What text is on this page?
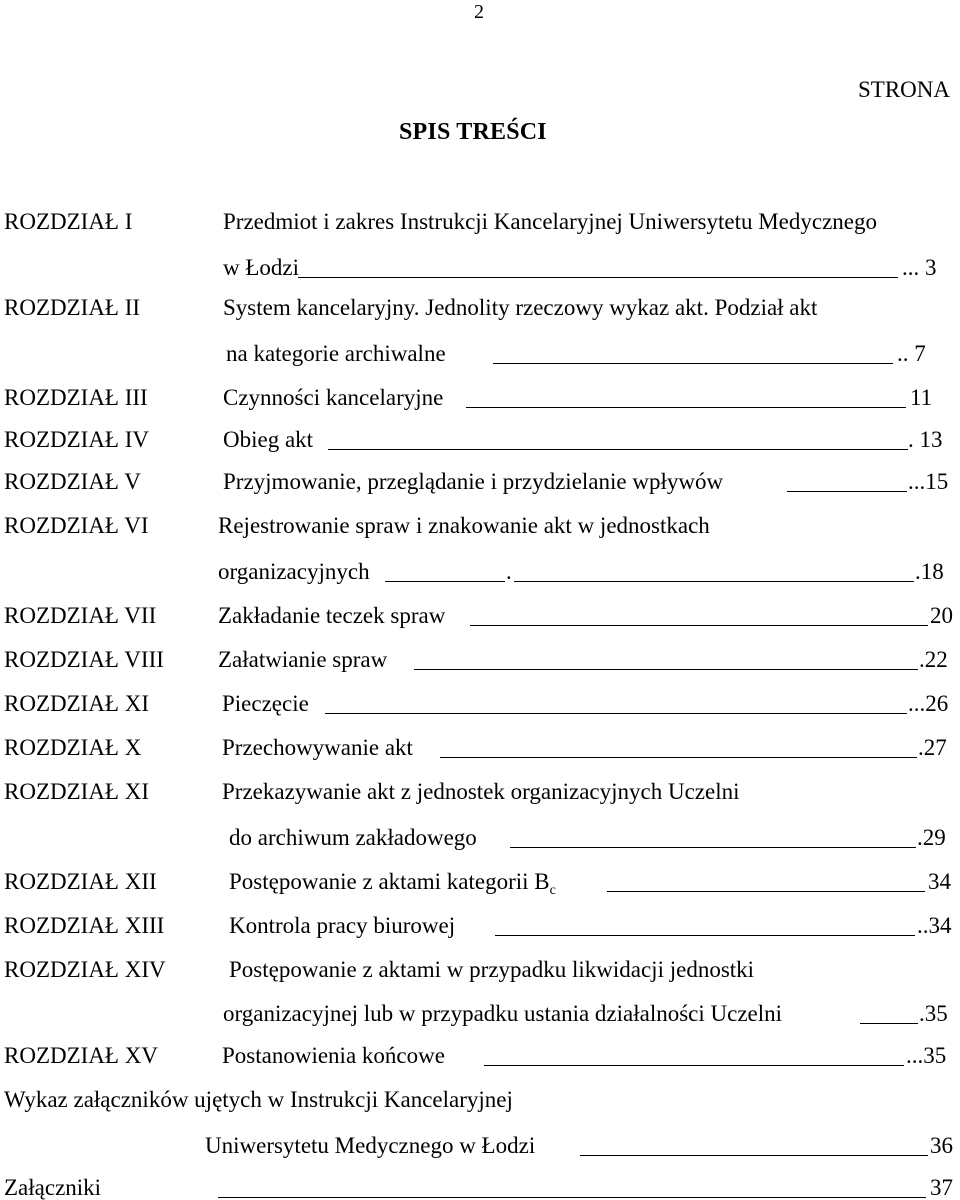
2
STRONA
SPIS TREŚCI
ROZDZIAŁ I	Przedmiot i zakres Instrukcji Kancelaryjnej Uniwersytetu Medycznego
w Łodzi	... 3
ROZDZIAŁ II	System kancelaryjny. Jednolity rzeczowy wykaz akt. Podział akt
na kategorie archiwalne	.. 7
ROZDZIAŁ III	Czynności kancelaryjne	11
ROZDZIAŁ IV	Obieg akt	. 13
ROZDZIAŁ V	Przyjmowanie, przeglądanie i przydzielanie wpływów	...15
ROZDZIAŁ VI	Rejestrowanie spraw i znakowanie akt w jednostkach
organizacyjnych	.	.18
ROZDZIAŁ VII	Zakładanie teczek spraw	20
ROZDZIAŁ VIII Załatwianie spraw	.22
ROZDZIAŁ XI	Pieczęcie	...26
ROZDZIAŁ X	Przechowywanie akt	.27
ROZDZIAŁ XI	Przekazywanie akt z jednostek organizacyjnych Uczelni
do archiwum zakładowego	.29
ROZDZIAŁ XII	Postępowanie z aktami kategorii $B_c$	34
ROZDZIAŁ XIII	Kontrola pracy biurowej	..34
ROZDZIAŁ XIV	Postępowanie z aktami w przypadku likwidacji jednostki
organizacyjnej lub w przypadku ustania działalności Uczelni	.35
ROZDZIAŁ XV	Postanowienia końcowe	...35
Wykaz załączników ujętych w Instrukcji Kancelaryjnej
Uniwersytetu Medycznego w Łodzi	36
Załączniki	37
